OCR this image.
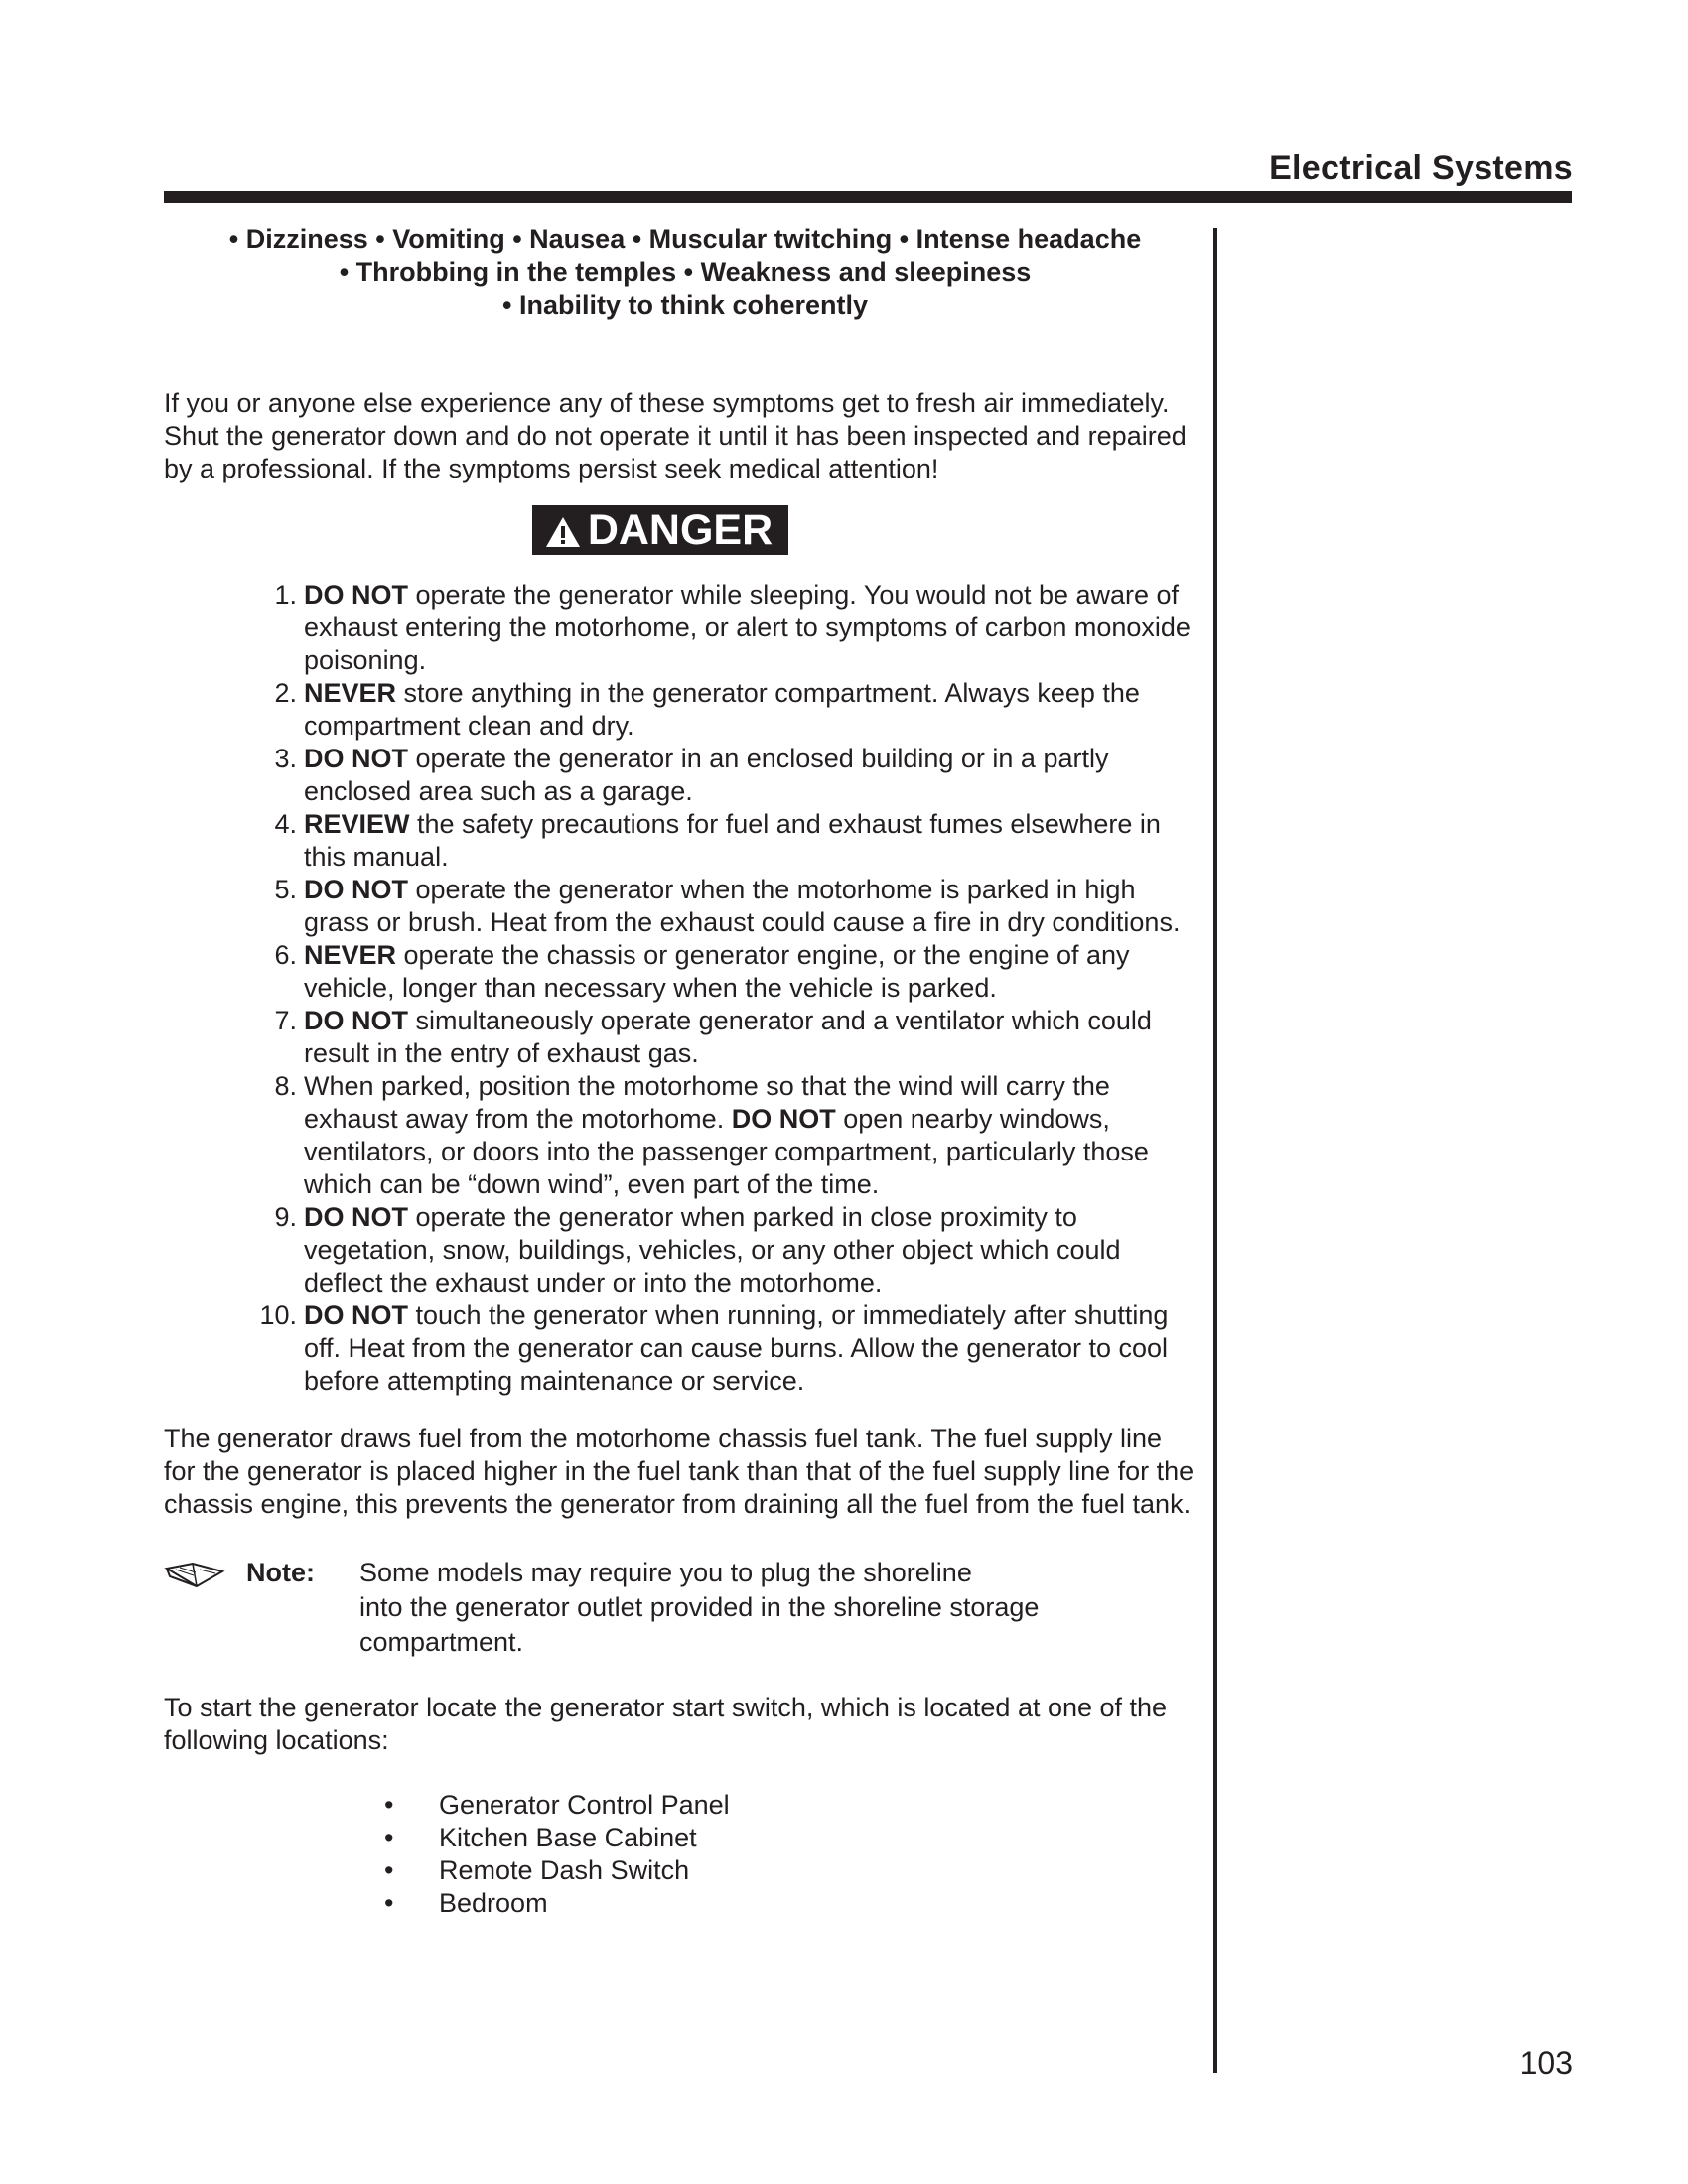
Electrical Systems
• Dizziness • Vomiting • Nausea • Muscular twitching • Intense headache
• Throbbing in the temples • Weakness and sleepiness
• Inability to think coherently

If you or anyone else experience any of these symptoms get to fresh air immediately. Shut the generator down and do not operate it until it has been inspected and repaired by a professional. If the symptoms persist seek medical attention!

DANGER
1. DO NOT operate the generator while sleeping. You would not be aware of exhaust entering the motorhome, or alert to symptoms of carbon monoxide poisoning.
2. NEVER store anything in the generator compartment. Always keep the compartment clean and dry.
3. DO NOT operate the generator in an enclosed building or in a partly enclosed area such as a garage.
4. REVIEW the safety precautions for fuel and exhaust fumes elsewhere in this manual.
5. DO NOT operate the generator when the motorhome is parked in high grass or brush. Heat from the exhaust could cause a fire in dry conditions.
6. NEVER operate the chassis or generator engine, or the engine of any vehicle, longer than necessary when the vehicle is parked.
7. DO NOT simultaneously operate generator and a ventilator which could result in the entry of exhaust gas.
8. When parked, position the motorhome so that the wind will carry the exhaust away from the motorhome. DO NOT open nearby windows, ventilators, or doors into the passenger compartment, particularly those which can be “down wind”, even part of the time.
9. DO NOT operate the generator when parked in close proximity to vegetation, snow, buildings, vehicles, or any other object which could deflect the exhaust under or into the motorhome.
10. DO NOT touch the generator when running, or immediately after shutting off. Heat from the generator can cause burns. Allow the generator to cool before attempting maintenance or service.

The generator draws fuel from the motorhome chassis fuel tank. The fuel supply line for the generator is placed higher in the fuel tank than that of the fuel supply line for the chassis engine, this prevents the generator from draining all the fuel from the fuel tank.

Note: Some models may require you to plug the shoreline
into the generator outlet provided in the shoreline storage
compartment.

To start the generator locate the generator start switch, which is located at one of the following locations:

• Generator Control Panel
• Kitchen Base Cabinet
• Remote Dash Switch
• Bedroom
103
